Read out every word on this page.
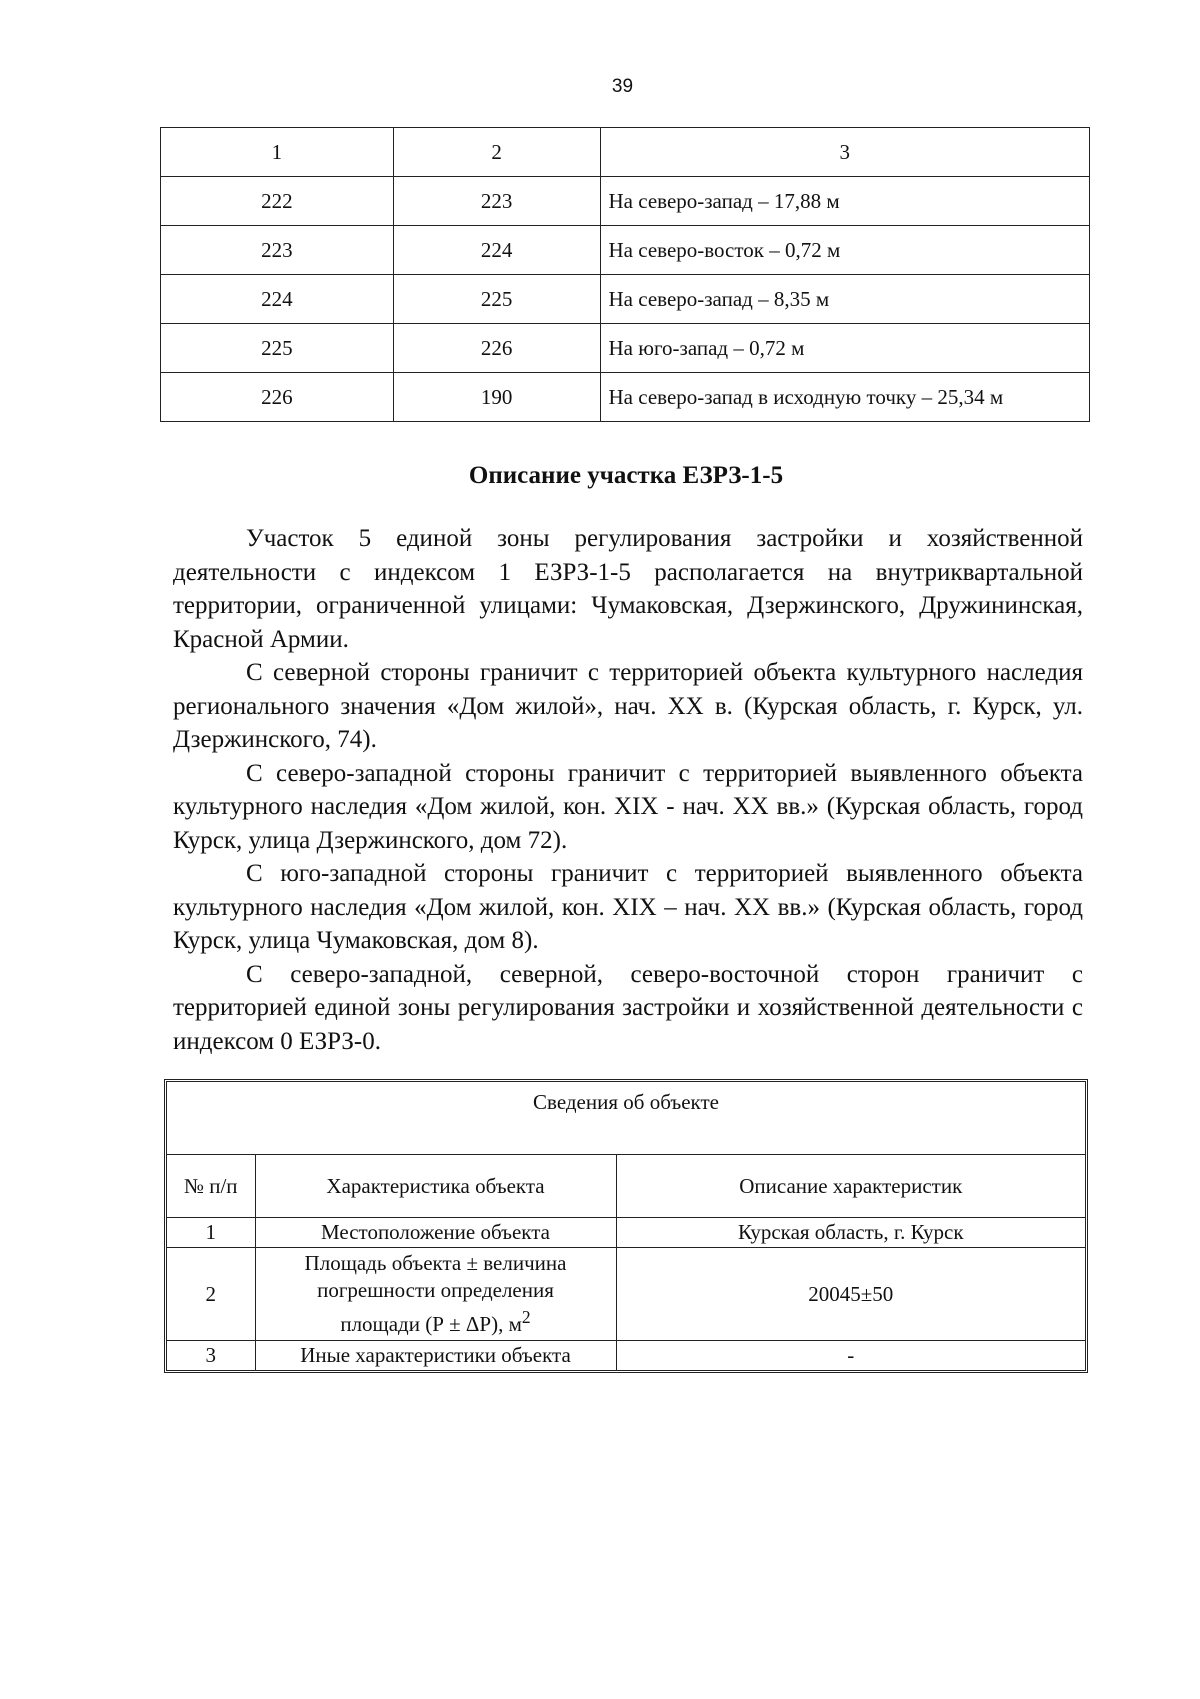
39
1	2	3
222	223	На северо-запад – 17,88 м
223	224	На северо-восток – 0,72 м
224	225	На северо-запад – 8,35 м
225	226	На юго-запад – 0,72 м
226	190	На северо-запад в исходную точку – 25,34 м
Описание участка ЕЗРЗ-1-5

Участок 5 единой зоны регулирования застройки и хозяйственной деятельности с индексом 1 ЕЗРЗ-1-5 располагается на внутриквартальной территории, ограниченной улицами: Чумаковская, Дзержинского, Дружининская, Красной Армии.

С северной стороны граничит с территорией объекта культурного наследия регионального значения «Дом жилой», нач. XX в. (Курская область, г. Курск, ул. Дзержинского, 74).

С северо-западной стороны граничит с территорией выявленного объекта культурного наследия «Дом жилой, кон. XIX - нач. XX вв.» (Курская область, город Курск, улица Дзержинского, дом 72).

С юго-западной стороны граничит с территорией выявленного объекта культурного наследия «Дом жилой, кон. XIX – нач. XX вв.» (Курская область, город Курск, улица Чумаковская, дом 8).

С северо-западной, северной, северо-восточной сторон граничит с территорией единой зоны регулирования застройки и хозяйственной деятельности с индексом 0 ЕЗРЗ-0.

Сведения об объекте		
№ п/п	Характеристика объекта	Описание характеристик
1	Местоположение объекта	Курская область, г. Курск
2	Площадь объекта ± величина
погрешности определения
площади (Р ± ΔР), $м^2$	20045±50
3	Иные характеристики объекта	-
